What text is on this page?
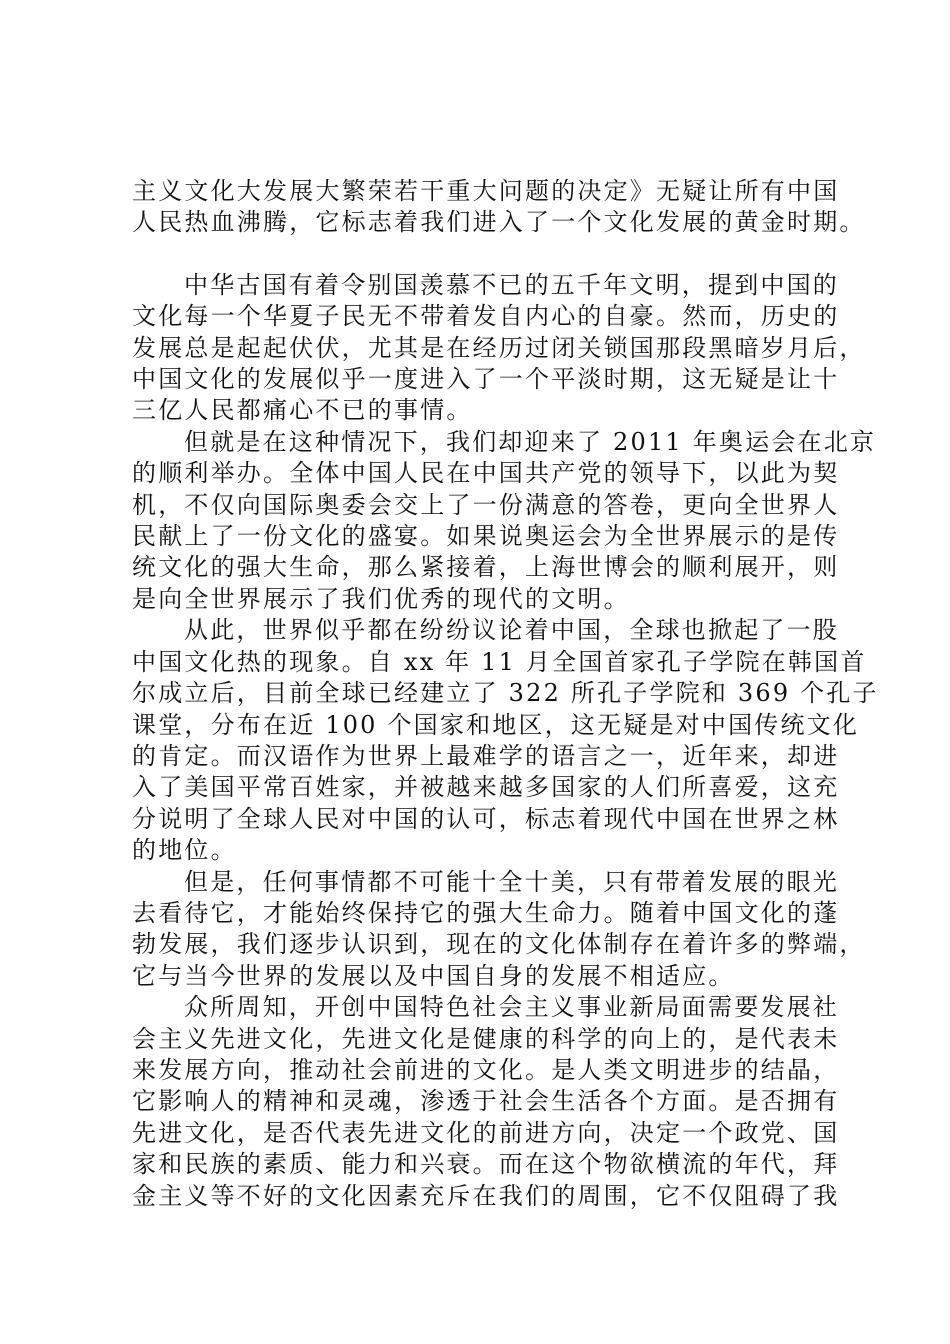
主义文化大发展大繁荣若干重大问题的决定》无疑让所有中国
人民热血沸腾，它标志着我们进入了一个文化发展的黄金时期。

中华古国有着令别国羡慕不已的五千年文明，提到中国的
文化每一个华夏子民无不带着发自内心的自豪。然而，历史的
发展总是起起伏伏，尤其是在经历过闭关锁国那段黑暗岁月后，
中国文化的发展似乎一度进入了一个平淡时期，这无疑是让十
三亿人民都痛心不已的事情。

但就是在这种情况下，我们却迎来了 2011 年奥运会在北京
的顺利举办。全体中国人民在中国共产党的领导下，以此为契
机，不仅向国际奥委会交上了一份满意的答卷，更向全世界人
民献上了一份文化的盛宴。如果说奥运会为全世界展示的是传
统文化的强大生命，那么紧接着，上海世博会的顺利展开，则
是向全世界展示了我们优秀的现代的文明。

从此，世界似乎都在纷纷议论着中国，全球也掀起了一股
中国文化热的现象。自 xx 年 11 月全国首家孔子学院在韩国首
尔成立后，目前全球已经建立了 322 所孔子学院和 369 个孔子
课堂，分布在近 100 个国家和地区，这无疑是对中国传统文化
的肯定。而汉语作为世界上最难学的语言之一，近年来，却进
入了美国平常百姓家，并被越来越多国家的人们所喜爱，这充
分说明了全球人民对中国的认可，标志着现代中国在世界之林
的地位。

但是，任何事情都不可能十全十美，只有带着发展的眼光
去看待它，才能始终保持它的强大生命力。随着中国文化的蓬
勃发展，我们逐步认识到，现在的文化体制存在着许多的弊端，
它与当今世界的发展以及中国自身的发展不相适应。

众所周知，开创中国特色社会主义事业新局面需要发展社
会主义先进文化，先进文化是健康的科学的向上的，是代表未
来发展方向，推动社会前进的文化。是人类文明进步的结晶，
它影响人的精神和灵魂，渗透于社会生活各个方面。是否拥有
先进文化，是否代表先进文化的前进方向，决定一个政党、国
家和民族的素质、能力和兴衰。而在这个物欲横流的年代，拜
金主义等不好的文化因素充斥在我们的周围，它不仅阻碍了我
